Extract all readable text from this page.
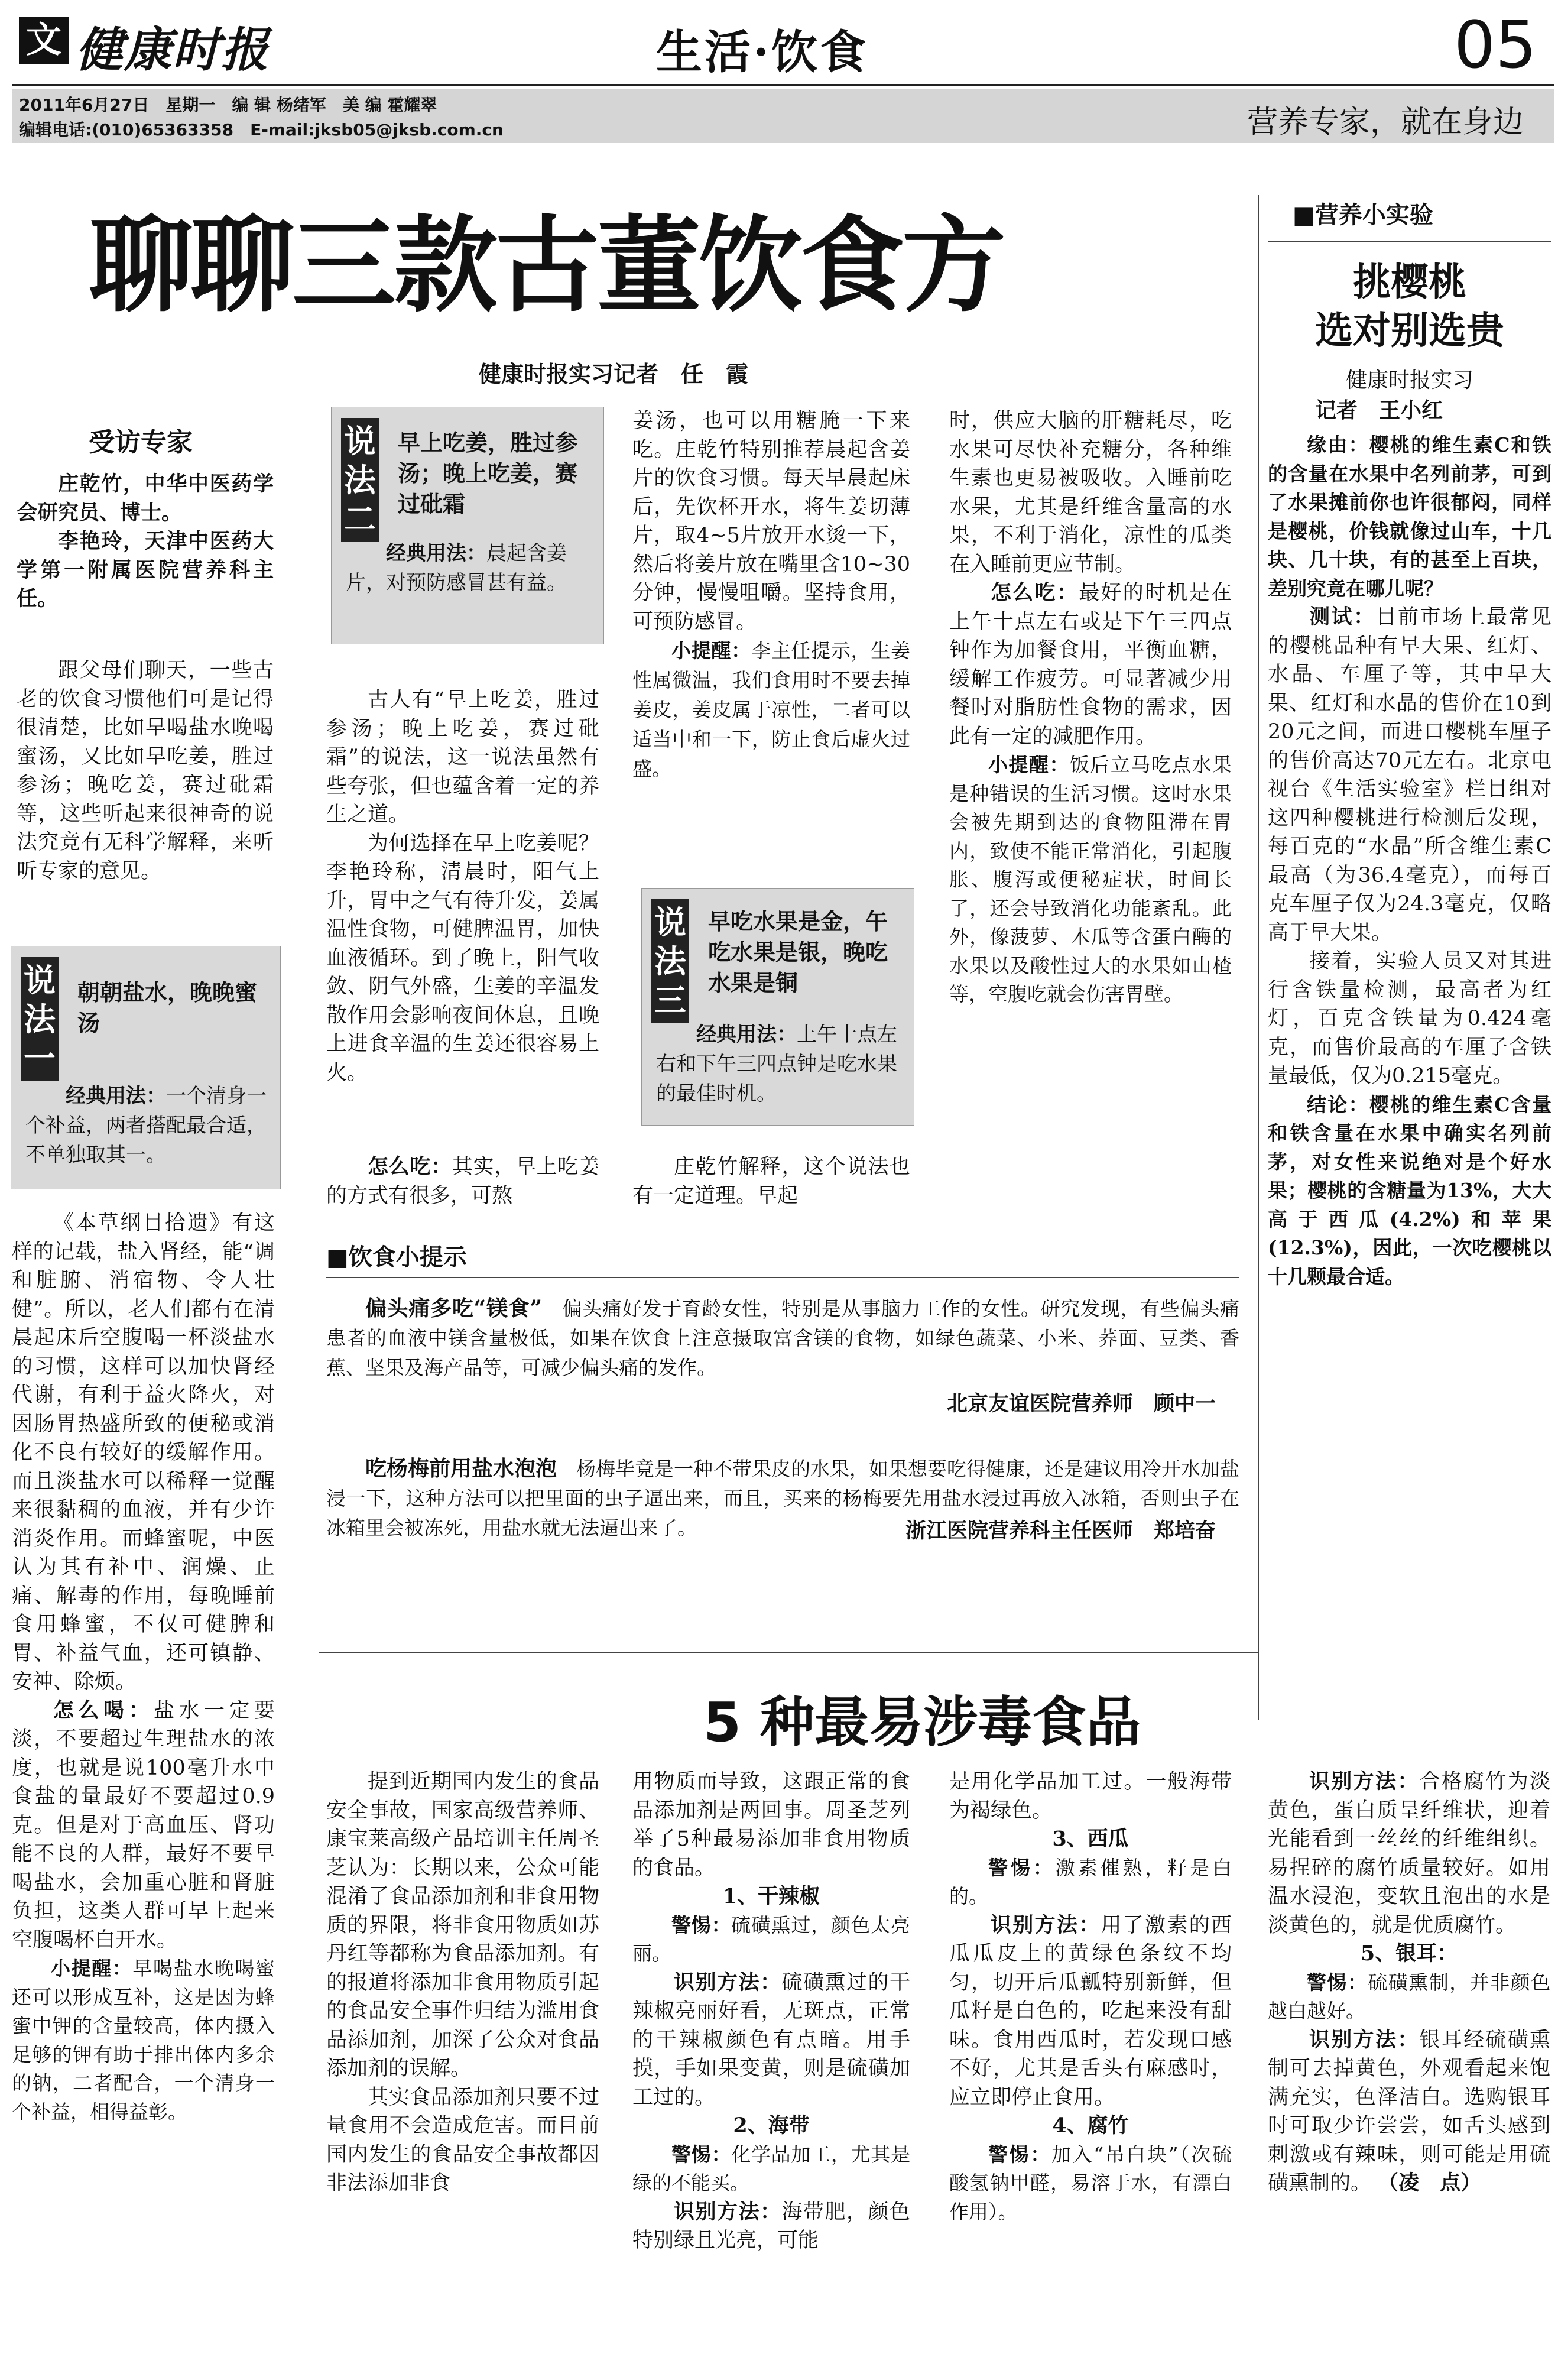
文 健康时报	生活·饮食	05
2011年6月27日　星期一　编 辑 杨绪军　美 编 霍耀翠
编辑电话:(010)65363358　E-mail:jksb05@jksb.com.cn	营养专家，就在身边
聊聊三款古董饮食方
健康时报实习记者　任　霞
受访专家

庄乾竹，中华中医药学会研究员、博士。

李艳玲，天津中医药大学第一附属医院营养科主任。

跟父母们聊天，一些古老的饮食习惯他们可是记得很清楚，比如早喝盐水晚喝蜜汤，又比如早吃姜，胜过参汤；晚吃姜，赛过砒霜等，这些听起来很神奇的说法究竟有无科学解释，来听听专家的意见。

说法一
朝朝盐水，晚晚蜜汤
经典用法：一个清身一个补益，两者搭配最合适，不单独取其一。

《本草纲目拾遗》有这样的记载，盐入肾经，能“调和脏腑、消宿物、令人壮健”。所以，老人们都有在清晨起床后空腹喝一杯淡盐水的习惯，这样可以加快肾经代谢，有利于益火降火，对因肠胃热盛所致的便秘或消化不良有较好的缓解作用。而且淡盐水可以稀释一觉醒来很黏稠的血液，并有少许消炎作用。而蜂蜜呢，中医认为其有补中、润燥、止痛、解毒的作用，每晚睡前食用蜂蜜，不仅可健脾和胃、补益气血，还可镇静、安神、除烦。

怎么喝：盐水一定要淡，不要超过生理盐水的浓度，也就是说100毫升水中食盐的量最好不要超过0.9克。但是对于高血压、肾功能不良的人群，最好不要早喝盐水，会加重心脏和肾脏负担，这类人群可早上起来空腹喝杯白开水。

小提醒：早喝盐水晚喝蜜还可以形成互补，这是因为蜂蜜中钾的含量较高，体内摄入足够的钾有助于排出体内多余的钠，二者配合，一个清身一个补益，相得益彰。

说法二
早上吃姜，胜过参汤；晚上吃姜，赛过砒霜
经典用法：晨起含姜片，对预防感冒甚有益。

古人有“早上吃姜，胜过参汤；晚上吃姜，赛过砒霜”的说法，这一说法虽然有些夸张，但也蕴含着一定的养生之道。

为何选择在早上吃姜呢？李艳玲称，清晨时，阳气上升，胃中之气有待升发，姜属温性食物，可健脾温胃，加快血液循环。到了晚上，阳气收敛、阴气外盛，生姜的辛温发散作用会影响夜间休息，且晚上进食辛温的生姜还很容易上火。

怎么吃：其实，早上吃姜的方式有很多，可熬

姜汤，也可以用糖腌一下来吃。庄乾竹特别推荐晨起含姜片的饮食习惯。每天早晨起床后，先饮杯开水，将生姜切薄片，取4~5片放开水烫一下，然后将姜片放在嘴里含10~30分钟，慢慢咀嚼。坚持食用，可预防感冒。

小提醒：李主任提示，生姜性属微温，我们食用时不要去掉姜皮，姜皮属于凉性，二者可以适当中和一下，防止食后虚火过盛。

说法三
早吃水果是金，午吃水果是银，晚吃水果是铜
经典用法：上午十点左右和下午三四点钟是吃水果的最佳时机。

庄乾竹解释，这个说法也有一定道理。早起

时，供应大脑的肝糖耗尽，吃水果可尽快补充糖分，各种维生素也更易被吸收。入睡前吃水果，尤其是纤维含量高的水果，不利于消化，凉性的瓜类在入睡前更应节制。

怎么吃：最好的时机是在上午十点左右或是下午三四点钟作为加餐食用，平衡血糖，缓解工作疲劳。可显著减少用餐时对脂肪性食物的需求，因此有一定的减肥作用。

小提醒：饭后立马吃点水果是种错误的生活习惯。这时水果会被先期到达的食物阻滞在胃内，致使不能正常消化，引起腹胀、腹泻或便秘症状，时间长了，还会导致消化功能紊乱。此外，像菠萝、木瓜等含蛋白酶的水果以及酸性过大的水果如山楂等，空腹吃就会伤害胃壁。

■饮食小提示

偏头痛多吃“镁食”　 偏头痛好发于育龄女性，特别是从事脑力工作的女性。研究发现，有些偏头痛患者的血液中镁含量极低，如果在饮食上注意摄取富含镁的食物，如绿色蔬菜、小米、荞面、豆类、香蕉、坚果及海产品等，可减少偏头痛的发作。

北京友谊医院营养师　顾中一

吃杨梅前用盐水泡泡　 杨梅毕竟是一种不带果皮的水果，如果想要吃得健康，还是建议用冷开水加盐浸一下，这种方法可以把里面的虫子逼出来，而且，买来的杨梅要先用盐水浸过再放入冰箱，否则虫子在冰箱里会被冻死，用盐水就无法逼出来了。	浙江医院营养科主任医师　郑培奋
■营养小实验
挑樱桃
选对别选贵
健康时报实习
记者　王小红

缘由：樱桃的维生素C和铁的含量在水果中名列前茅，可到了水果摊前你也许很郁闷，同样是樱桃，价钱就像过山车，十几块、几十块，有的甚至上百块，差别究竟在哪儿呢？

测试：目前市场上最常见的樱桃品种有早大果、红灯、水晶、车厘子等，其中早大果、红灯和水晶的售价在10到20元之间，而进口樱桃车厘子的售价高达70元左右。北京电视台《生活实验室》栏目组对这四种樱桃进行检测后发现，每百克的“水晶”所含维生素C最高（为36.4毫克），而每百克车厘子仅为24.3毫克，仅略高于早大果。

接着，实验人员又对其进行含铁量检测，最高者为红灯，百克含铁量为0.424毫克，而售价最高的车厘子含铁量最低，仅为0.215毫克。

结论：樱桃的维生素C含量和铁含量在水果中确实名列前茅，对女性来说绝对是个好水果；樱桃的含糖量为13%，大大高于西瓜(4.2%)和苹果(12.3%)，因此，一次吃樱桃以十几颗最合适。

5 种最易涉毒食品

提到近期国内发生的食品安全事故，国家高级营养师、康宝莱高级产品培训主任周圣芝认为：长期以来，公众可能混淆了食品添加剂和非食用物质的界限，将非食用物质如苏丹红等都称为食品添加剂。有的报道将添加非食用物质引起的食品安全事件归结为滥用食品添加剂，加深了公众对食品添加剂的误解。

其实食品添加剂只要不过量食用不会造成危害。而目前国内发生的食品安全事故都因非法添加非食

用物质而导致，这跟正常的食品添加剂是两回事。周圣芝列举了5种最易添加非食用物质的食品。

1、干辣椒

警惕：硫磺熏过，颜色太亮丽。

识别方法：硫磺熏过的干辣椒亮丽好看，无斑点，正常的干辣椒颜色有点暗。用手摸，手如果变黄，则是硫磺加工过的。

2、海带

警惕：化学品加工，尤其是绿的不能买。

识别方法：海带肥，颜色特别绿且光亮，可能

是用化学品加工过。一般海带为褐绿色。

3、西瓜

警惕：激素催熟，籽是白的。

识别方法：用了激素的西瓜瓜皮上的黄绿色条纹不均匀，切开后瓜瓤特别新鲜，但瓜籽是白色的，吃起来没有甜味。食用西瓜时，若发现口感不好，尤其是舌头有麻感时，应立即停止食用。

4、腐竹

警惕：加入“吊白块”（次硫酸氢钠甲醛，易溶于水，有漂白作用）。

识别方法：合格腐竹为淡黄色，蛋白质呈纤维状，迎着光能看到一丝丝的纤维组织。易捏碎的腐竹质量较好。如用温水浸泡，变软且泡出的水是淡黄色的，就是优质腐竹。

5、银耳：

警惕：硫磺熏制，并非颜色越白越好。

识别方法：银耳经硫磺熏制可去掉黄色，外观看起来饱满充实，色泽洁白。选购银耳时可取少许尝尝，如舌头感到刺激或有辣味，则可能是用硫磺熏制的。 （凌　点）
